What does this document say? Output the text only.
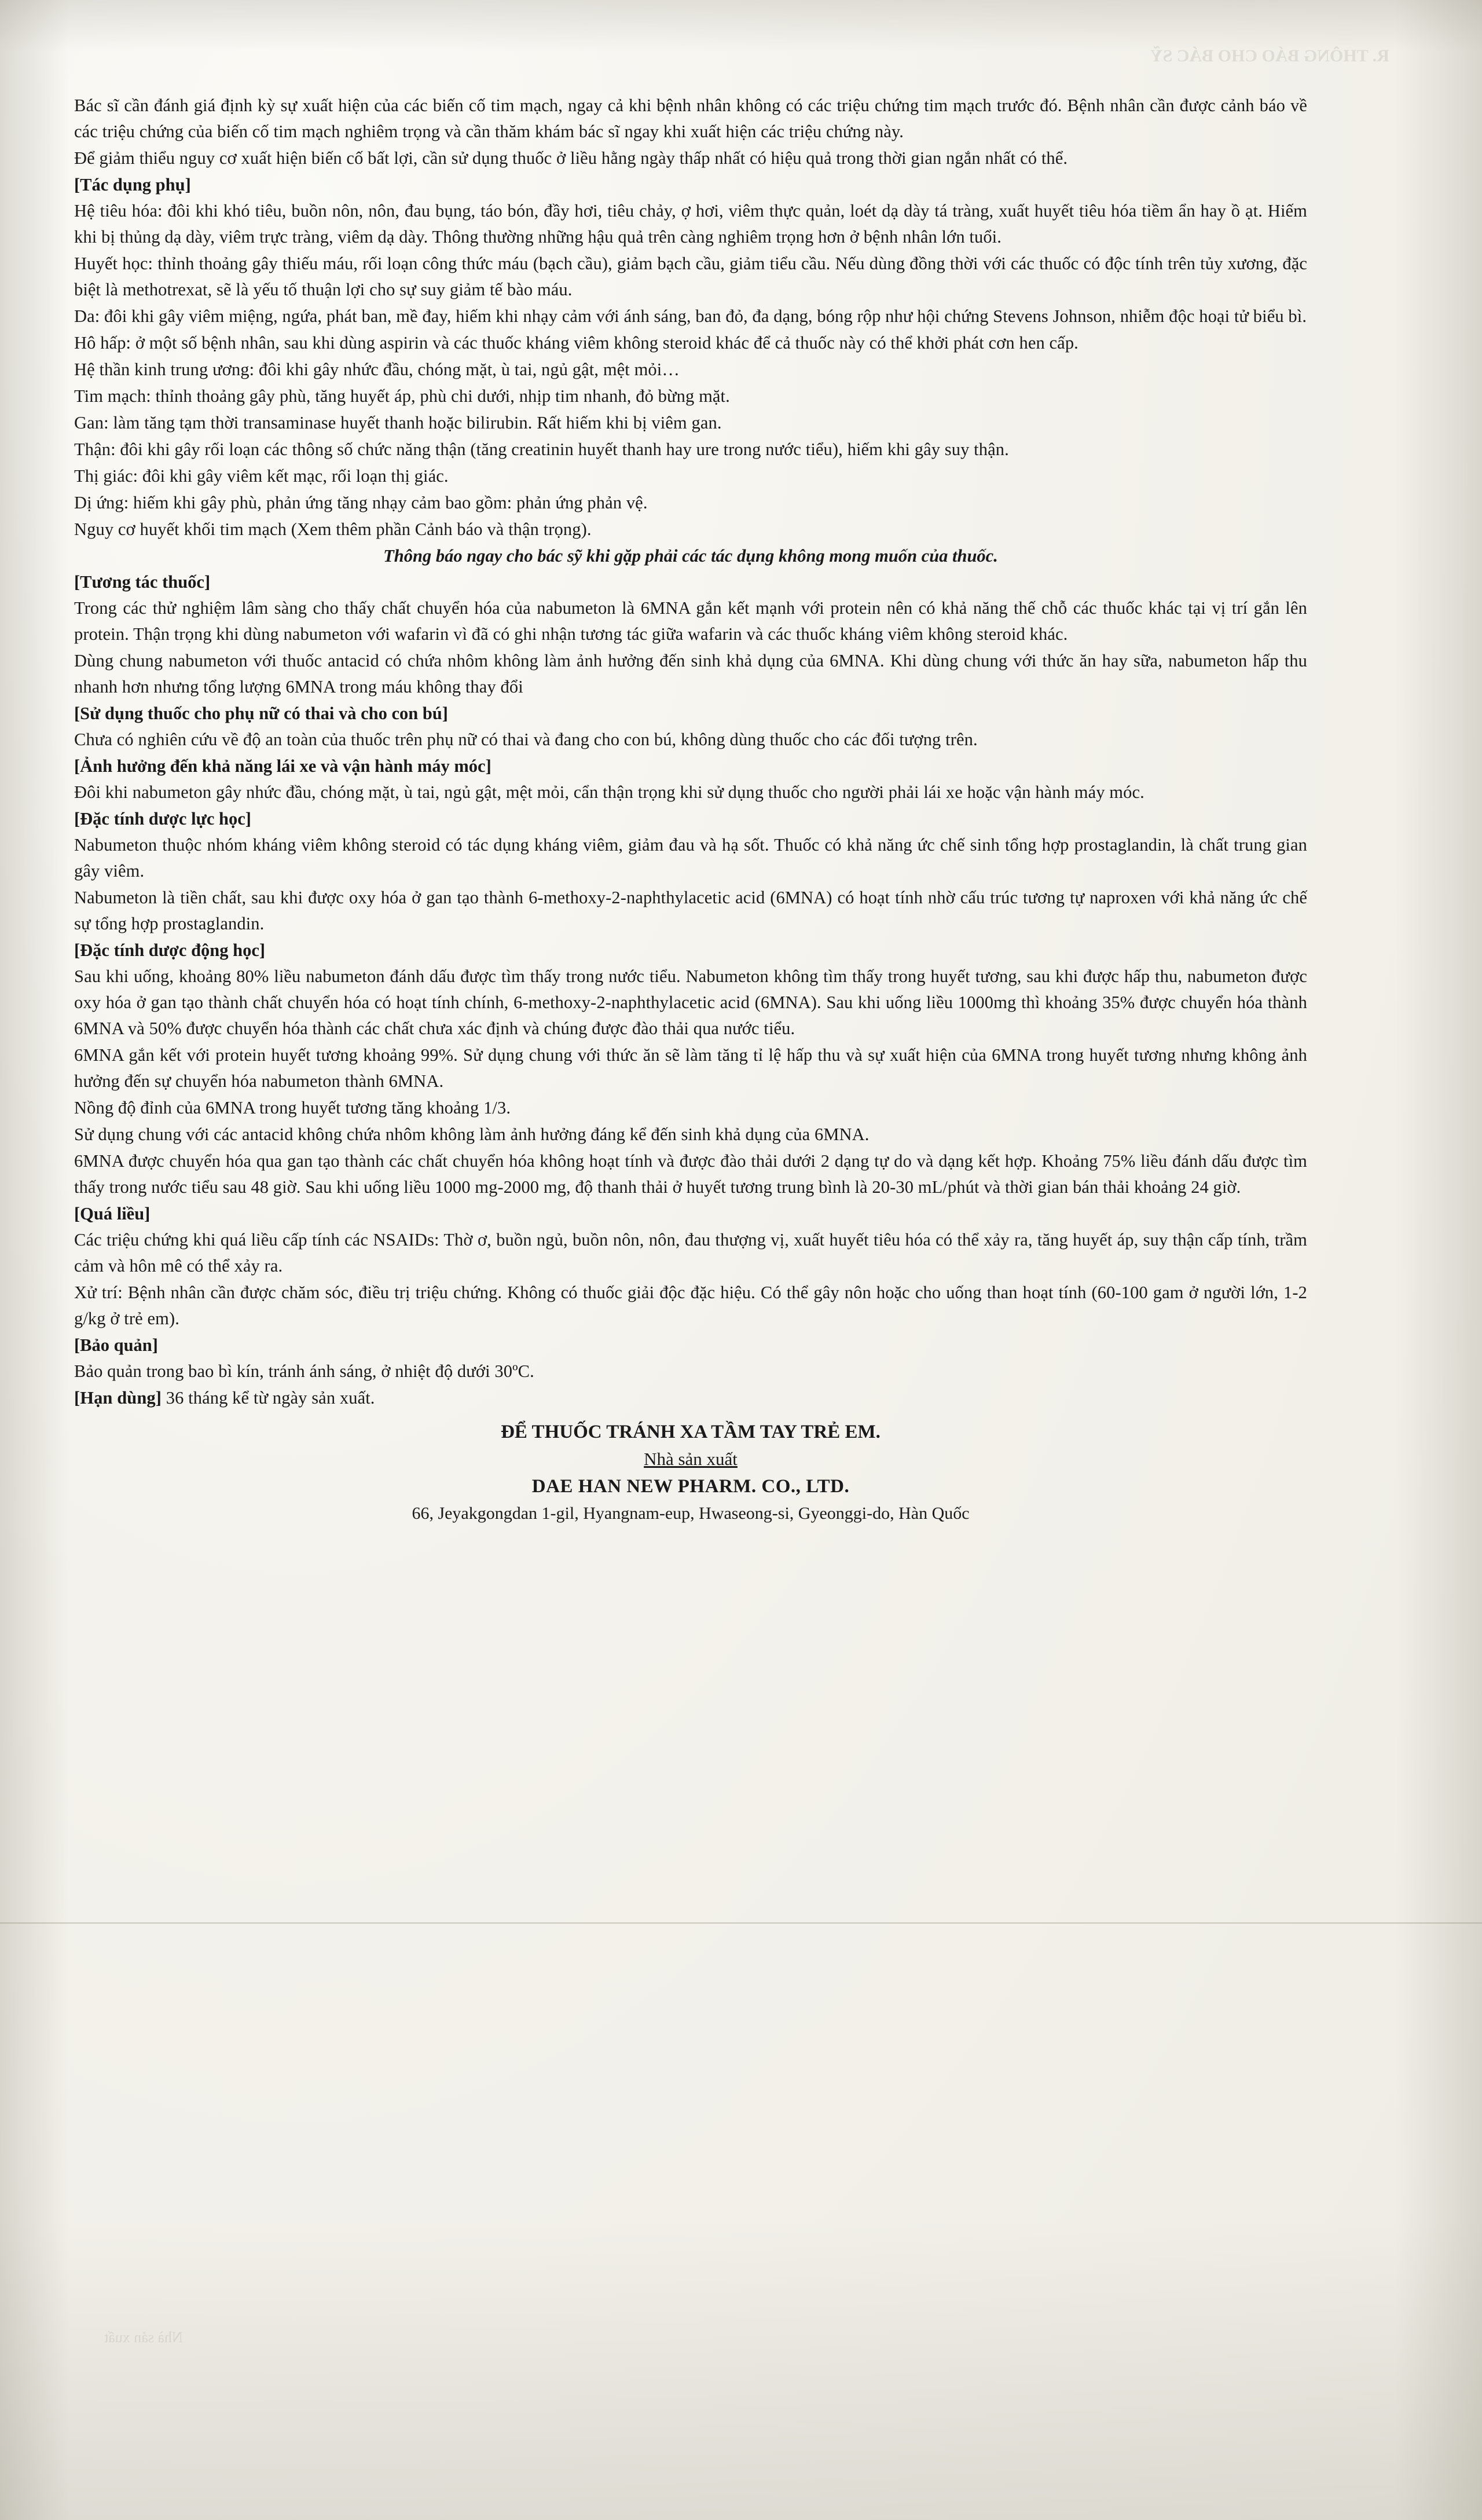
R. THÔNG BÁO CHO BÁC SỸ

Bác sĩ cần đánh giá định kỳ sự xuất hiện của các biến cố tim mạch, ngay cả khi bệnh nhân không có các triệu chứng tim mạch trước đó. Bệnh nhân cần được cảnh báo về các triệu chứng của biến cố tim mạch nghiêm trọng và cần thăm khám bác sĩ ngay khi xuất hiện các triệu chứng này.

Để giảm thiểu nguy cơ xuất hiện biến cố bất lợi, cần sử dụng thuốc ở liều hằng ngày thấp nhất có hiệu quả trong thời gian ngắn nhất có thể.

[Tác dụng phụ]

Hệ tiêu hóa: đôi khi khó tiêu, buồn nôn, nôn, đau bụng, táo bón, đầy hơi, tiêu chảy, ợ hơi, viêm thực quản, loét dạ dày tá tràng, xuất huyết tiêu hóa tiềm ẩn hay ồ ạt. Hiếm khi bị thủng dạ dày, viêm trực tràng, viêm dạ dày. Thông thường những hậu quả trên càng nghiêm trọng hơn ở bệnh nhân lớn tuổi.

Huyết học: thỉnh thoảng gây thiếu máu, rối loạn công thức máu (bạch cầu), giảm bạch cầu, giảm tiểu cầu. Nếu dùng đồng thời với các thuốc có độc tính trên tủy xương, đặc biệt là methotrexat, sẽ là yếu tố thuận lợi cho sự suy giảm tế bào máu.

Da: đôi khi gây viêm miệng, ngứa, phát ban, mề đay, hiếm khi nhạy cảm với ánh sáng, ban đỏ, đa dạng, bóng rộp như hội chứng Stevens Johnson, nhiễm độc hoại tử biểu bì.

Hô hấp: ở một số bệnh nhân, sau khi dùng aspirin và các thuốc kháng viêm không steroid khác để cả thuốc này có thể khởi phát cơn hen cấp.

Hệ thần kinh trung ương: đôi khi gây nhức đầu, chóng mặt, ù tai, ngủ gật, mệt mỏi…

Tim mạch: thỉnh thoảng gây phù, tăng huyết áp, phù chi dưới, nhịp tim nhanh, đỏ bừng mặt.

Gan: làm tăng tạm thời transaminase huyết thanh hoặc bilirubin. Rất hiếm khi bị viêm gan.

Thận: đôi khi gây rối loạn các thông số chức năng thận (tăng creatinin huyết thanh hay ure trong nước tiểu), hiếm khi gây suy thận.

Thị giác: đôi khi gây viêm kết mạc, rối loạn thị giác.

Dị ứng: hiếm khi gây phù, phản ứng tăng nhạy cảm bao gồm: phản ứng phản vệ.

Nguy cơ huyết khối tim mạch (Xem thêm phần Cảnh báo và thận trọng).

Thông báo ngay cho bác sỹ khi gặp phải các tác dụng không mong muốn của thuốc.

[Tương tác thuốc]

Trong các thử nghiệm lâm sàng cho thấy chất chuyển hóa của nabumeton là 6MNA gắn kết mạnh với protein nên có khả năng thế chỗ các thuốc khác tại vị trí gắn lên protein. Thận trọng khi dùng nabumeton với wafarin vì đã có ghi nhận tương tác giữa wafarin và các thuốc kháng viêm không steroid khác.

Dùng chung nabumeton với thuốc antacid có chứa nhôm không làm ảnh hưởng đến sinh khả dụng của 6MNA. Khi dùng chung với thức ăn hay sữa, nabumeton hấp thu nhanh hơn nhưng tổng lượng 6MNA trong máu không thay đổi

[Sử dụng thuốc cho phụ nữ có thai và cho con bú]

Chưa có nghiên cứu về độ an toàn của thuốc trên phụ nữ có thai và đang cho con bú, không dùng thuốc cho các đối tượng trên.

[Ảnh hưởng đến khả năng lái xe và vận hành máy móc]

Đôi khi nabumeton gây nhức đầu, chóng mặt, ù tai, ngủ gật, mệt mỏi, cẩn thận trọng khi sử dụng thuốc cho người phải lái xe hoặc vận hành máy móc.

[Đặc tính dược lực học]

Nabumeton thuộc nhóm kháng viêm không steroid có tác dụng kháng viêm, giảm đau và hạ sốt. Thuốc có khả năng ức chế sinh tổng hợp prostaglandin, là chất trung gian gây viêm.

Nabumeton là tiền chất, sau khi được oxy hóa ở gan tạo thành 6-methoxy-2-naphthylacetic acid (6MNA) có hoạt tính nhờ cấu trúc tương tự naproxen với khả năng ức chế sự tổng hợp prostaglandin.

[Đặc tính dược động học]

Sau khi uống, khoảng 80% liều nabumeton đánh dấu được tìm thấy trong nước tiểu. Nabumeton không tìm thấy trong huyết tương, sau khi được hấp thu, nabumeton được oxy hóa ở gan tạo thành chất chuyển hóa có hoạt tính chính, 6-methoxy-2-naphthylacetic acid (6MNA). Sau khi uống liều 1000mg thì khoảng 35% được chuyển hóa thành 6MNA và 50% được chuyển hóa thành các chất chưa xác định và chúng được đào thải qua nước tiểu.

6MNA gắn kết với protein huyết tương khoảng 99%. Sử dụng chung với thức ăn sẽ làm tăng tỉ lệ hấp thu và sự xuất hiện của 6MNA trong huyết tương nhưng không ảnh hưởng đến sự chuyển hóa nabumeton thành 6MNA.

Nồng độ đỉnh của 6MNA trong huyết tương tăng khoảng 1/3.

Sử dụng chung với các antacid không chứa nhôm không làm ảnh hưởng đáng kể đến sinh khả dụng của 6MNA.

6MNA được chuyển hóa qua gan tạo thành các chất chuyển hóa không hoạt tính và được đào thải dưới 2 dạng tự do và dạng kết hợp. Khoảng 75% liều đánh dấu được tìm thấy trong nước tiểu sau 48 giờ. Sau khi uống liều 1000 mg-2000 mg, độ thanh thải ở huyết tương trung bình là 20-30 mL/phút và thời gian bán thải khoảng 24 giờ.

[Quá liều]

Các triệu chứng khi quá liều cấp tính các NSAIDs: Thờ ơ, buồn ngủ, buồn nôn, nôn, đau thượng vị, xuất huyết tiêu hóa có thể xảy ra, tăng huyết áp, suy thận cấp tính, trầm cảm và hôn mê có thể xảy ra.

Xử trí: Bệnh nhân cần được chăm sóc, điều trị triệu chứng. Không có thuốc giải độc đặc hiệu. Có thể gây nôn hoặc cho uống than hoạt tính (60-100 gam ở người lớn, 1-2 g/kg ở trẻ em).

[Bảo quản]

Bảo quản trong bao bì kín, tránh ánh sáng, ở nhiệt độ dưới 30ºC.

[Hạn dùng] 36 tháng kể từ ngày sản xuất.

ĐỂ THUỐC TRÁNH XA TẦM TAY TRẺ EM.
Nhà sản xuất
DAE HAN NEW PHARM. CO., LTD.
66, Jeyakgongdan 1-gil, Hyangnam-eup, Hwaseong-si, Gyeonggi-do, Hàn Quốc
Nhà sản xuất
